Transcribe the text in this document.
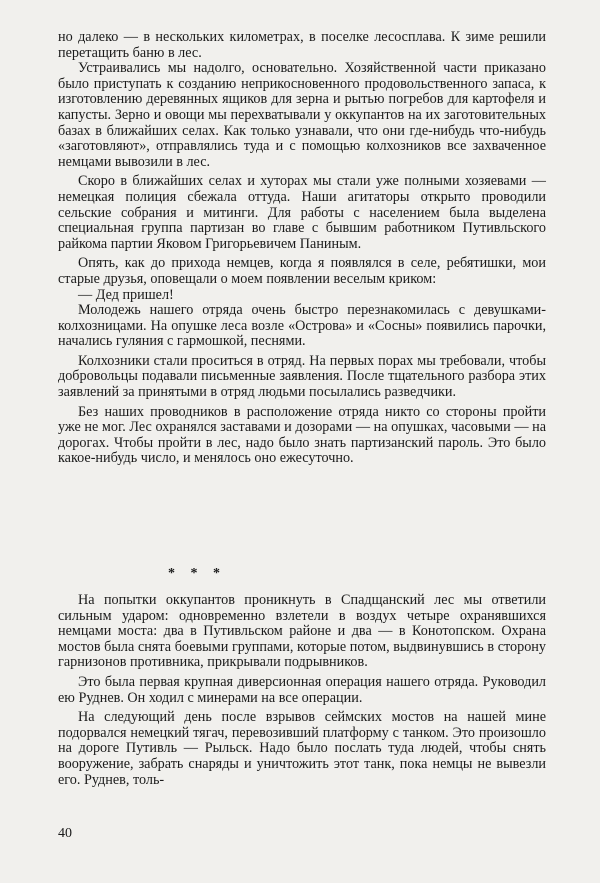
но далеко — в нескольких километрах, в поселке лесосплава. К зиме решили перетащить баню в лес.

Устраивались мы надолго, основательно. Хозяйственной части приказано было приступать к созданию неприкосновенного продовольственного запаса, к изготовлению деревянных ящиков для зерна и рытью погребов для картофеля и капусты. Зерно и овощи мы перехватывали у оккупантов на их заготовительных базах в ближайших селах. Как только узнавали, что они где-нибудь что-нибудь «заготовляют», отправлялись туда и с помощью колхозников все захваченное немцами вывозили в лес.

Скоро в ближайших селах и хуторах мы стали уже полными хозяевами — немецкая полиция сбежала оттуда. Наши агитаторы открыто проводили сельские собрания и митинги. Для работы с населением была выделена специальная группа партизан во главе с бывшим работником Путивльского райкома партии Яковом Григорьевичем Паниным.

Опять, как до прихода немцев, когда я появлялся в селе, ребятишки, мои старые друзья, оповещали о моем появлении веселым криком:

— Дед пришел!

Молодежь нашего отряда очень быстро перезнакомилась с девушками-колхозницами. На опушке леса возле «Острова» и «Сосны» появились парочки, начались гуляния с гармошкой, песнями.

Колхозники стали проситься в отряд. На первых порах мы требовали, чтобы добровольцы подавали письменные заявления. После тщательного разбора этих заявлений за принятыми в отряд людьми посылались разведчики.

Без наших проводников в расположение отряда никто со стороны пройти уже не мог. Лес охранялся заставами и дозорами — на опушках, часовыми — на дорогах. Чтобы пройти в лес, надо было знать партизанский пароль. Это было какое-нибудь число, и менялось оно ежесуточно.

* * *

На попытки оккупантов проникнуть в Спадщанский лес мы ответили сильным ударом: одновременно взлетели в воздух четыре охранявшихся немцами моста: два в Путивльском районе и два — в Конотопском. Охрана мостов была снята боевыми группами, которые потом, выдвинувшись в сторону гарнизонов противника, прикрывали подрывников.

Это была первая крупная диверсионная операция нашего отряда. Руководил ею Руднев. Он ходил с минерами на все операции.

На следующий день после взрывов сеймских мостов на нашей мине подорвался немецкий тягач, перевозивший платформу с танком. Это произошло на дороге Путивль — Рыльск. Надо было послать туда людей, чтобы снять вооружение, забрать снаряды и уничтожить этот танк, пока немцы не вывезли его. Руднев, толь-

40
